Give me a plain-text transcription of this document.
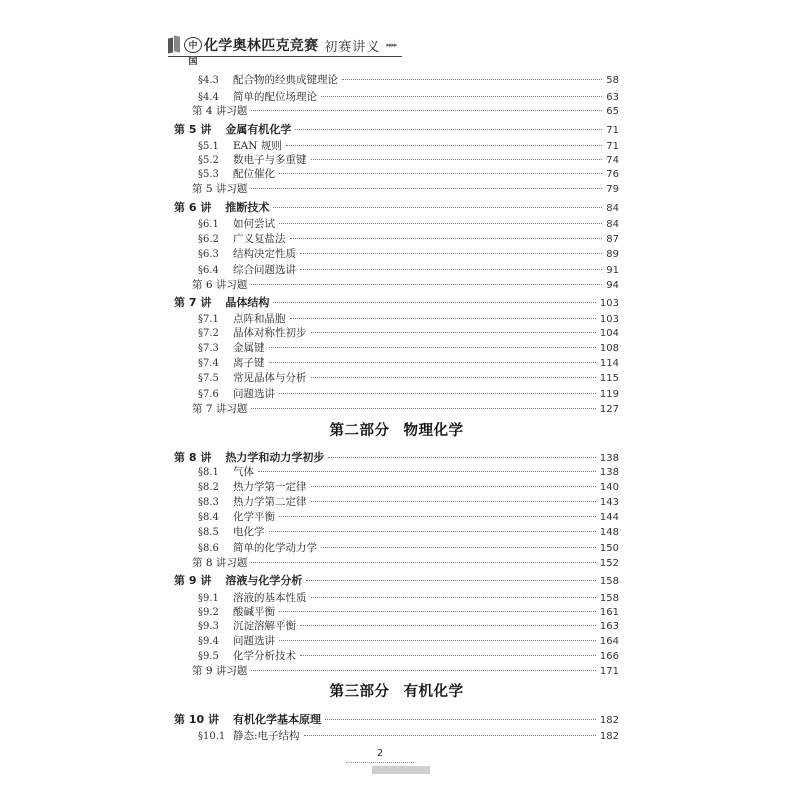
中国
化学奥林匹克竞赛 初赛讲义 ▸▸▸▸
§4.3	配合物的经典成键理论	58
§4.4	简单的配位场理论	63
第 4 讲习题	65
第 5 讲 金属有机化学	71
§5.1	EAN 规则	71
§5.2	数电子与多重键	74
§5.3	配位催化	76
第 5 讲习题	79
第 6 讲 推断技术	84
§6.1	如何尝试	84
§6.2	广义复盐法	87
§6.3	结构决定性质	89
§6.4	综合问题选讲	91
第 6 讲习题	94
第 7 讲 晶体结构	103
§7.1	点阵和晶胞	103
§7.2	晶体对称性初步	104
§7.3	金属键	108
§7.4	离子键	114
§7.5	常见晶体与分析	115
§7.6	问题选讲	119
第 7 讲习题	127
第二部分 物理化学
第 8 讲 热力学和动力学初步	138
§8.1	气体	138
§8.2	热力学第一定律	140
§8.3	热力学第二定律	143
§8.4	化学平衡	144
§8.5	电化学	148
§8.6	简单的化学动力学	150
第 8 讲习题	152
第 9 讲 溶液与化学分析	158
§9.1	溶液的基本性质	158
§9.2	酸碱平衡	161
§9.3	沉淀溶解平衡	163
§9.4	问题选讲	164
§9.5	化学分析技术	166
第 9 讲习题	171
第三部分 有机化学
第 10 讲 有机化学基本原理	182
§10.1 静态:电子结构	182
2
